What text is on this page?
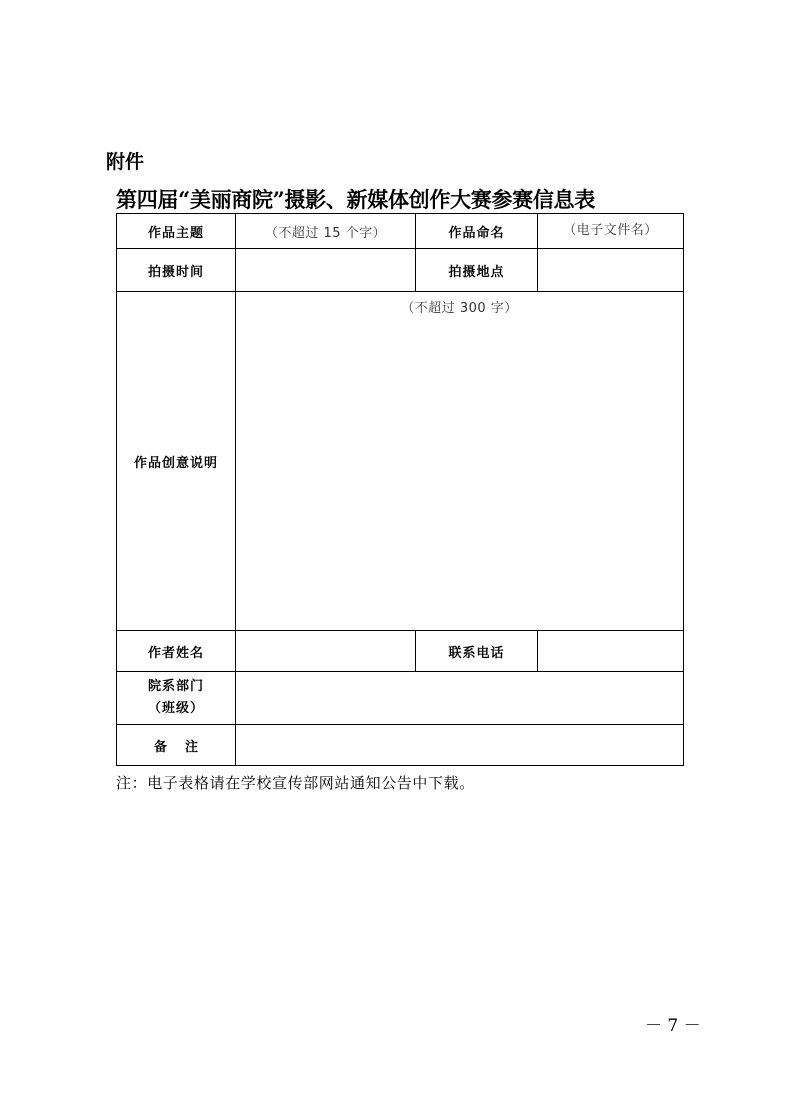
附件
第四届“美丽商院”摄影、新媒体创作大赛参赛信息表
作品主题	（不超过 15 个字）	作品命名	（电子文件名）
拍摄时间		拍摄地点	
作品创意说明	（不超过 300 字）		
作者姓名		联系电话	

院系部门
（班级）			

备注			
注：电子表格请在学校宣传部网站通知公告中下载。
－ 7 －
